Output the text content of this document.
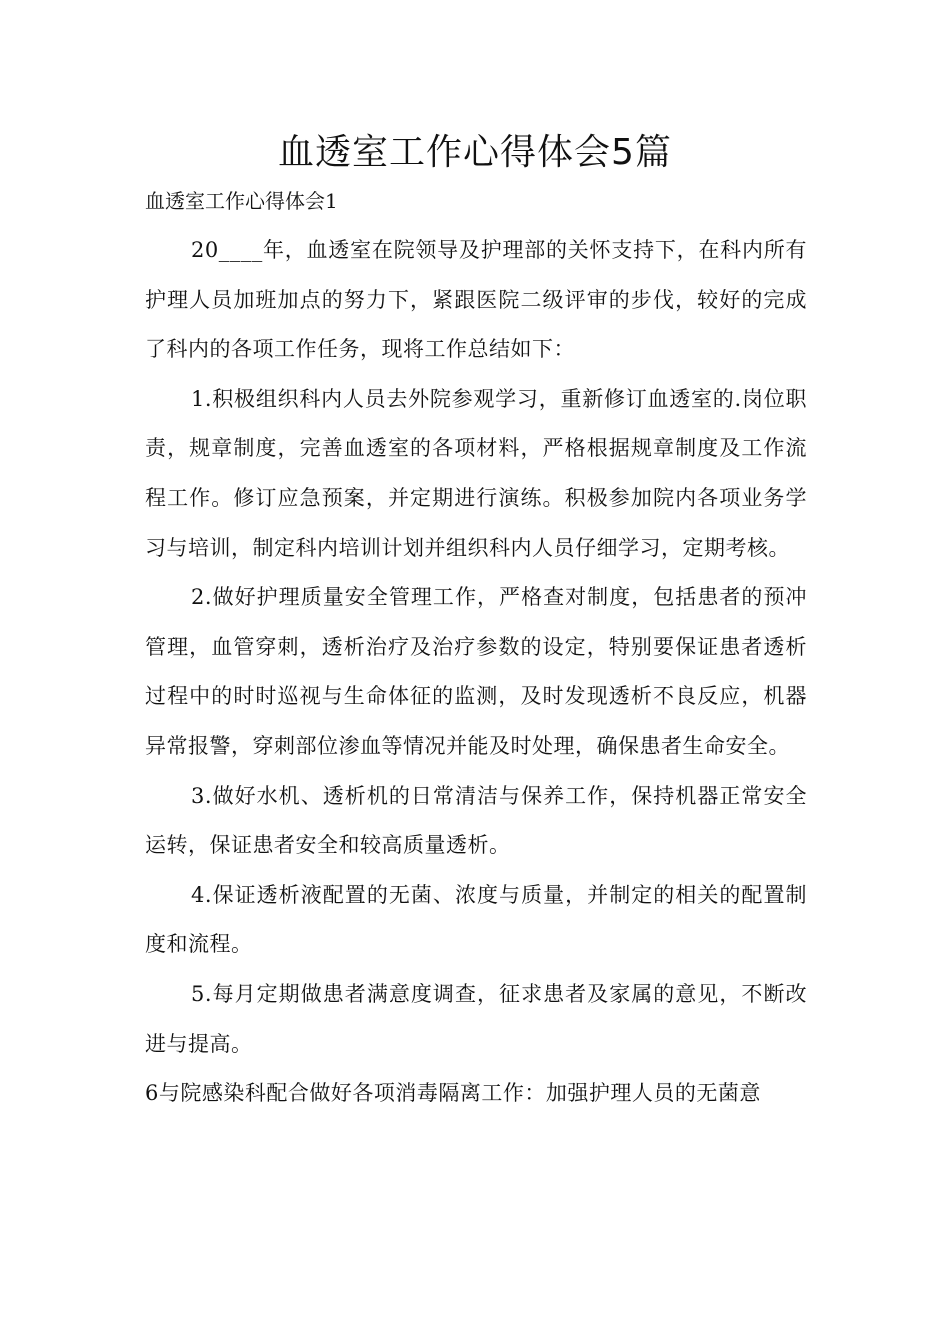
血透室工作心得体会5篇
血透室工作心得体会1

20____年，血透室在院领导及护理部的关怀支持下，在科内所有护理人员加班加点的努力下，紧跟医院二级评审的步伐，较好的完成了科内的各项工作任务，现将工作总结如下：

1.积极组织科内人员去外院参观学习，重新修订血透室的.岗位职责，规章制度，完善血透室的各项材料，严格根据规章制度及工作流程工作。修订应急预案，并定期进行演练。积极参加院内各项业务学习与培训，制定科内培训计划并组织科内人员仔细学习，定期考核。

2.做好护理质量安全管理工作，严格查对制度，包括患者的预冲管理，血管穿刺，透析治疗及治疗参数的设定，特别要保证患者透析过程中的时时巡视与生命体征的监测，及时发现透析不良反应，机器异常报警，穿刺部位渗血等情况并能及时处理，确保患者生命安全。

3.做好水机、透析机的日常清洁与保养工作，保持机器正常安全运转，保证患者安全和较高质量透析。

4.保证透析液配置的无菌、浓度与质量，并制定的相关的配置制度和流程。

5.每月定期做患者满意度调查，征求患者及家属的意见，不断改进与提高。

6与院感染科配合做好各项消毒隔离工作：加强护理人员的无菌意
